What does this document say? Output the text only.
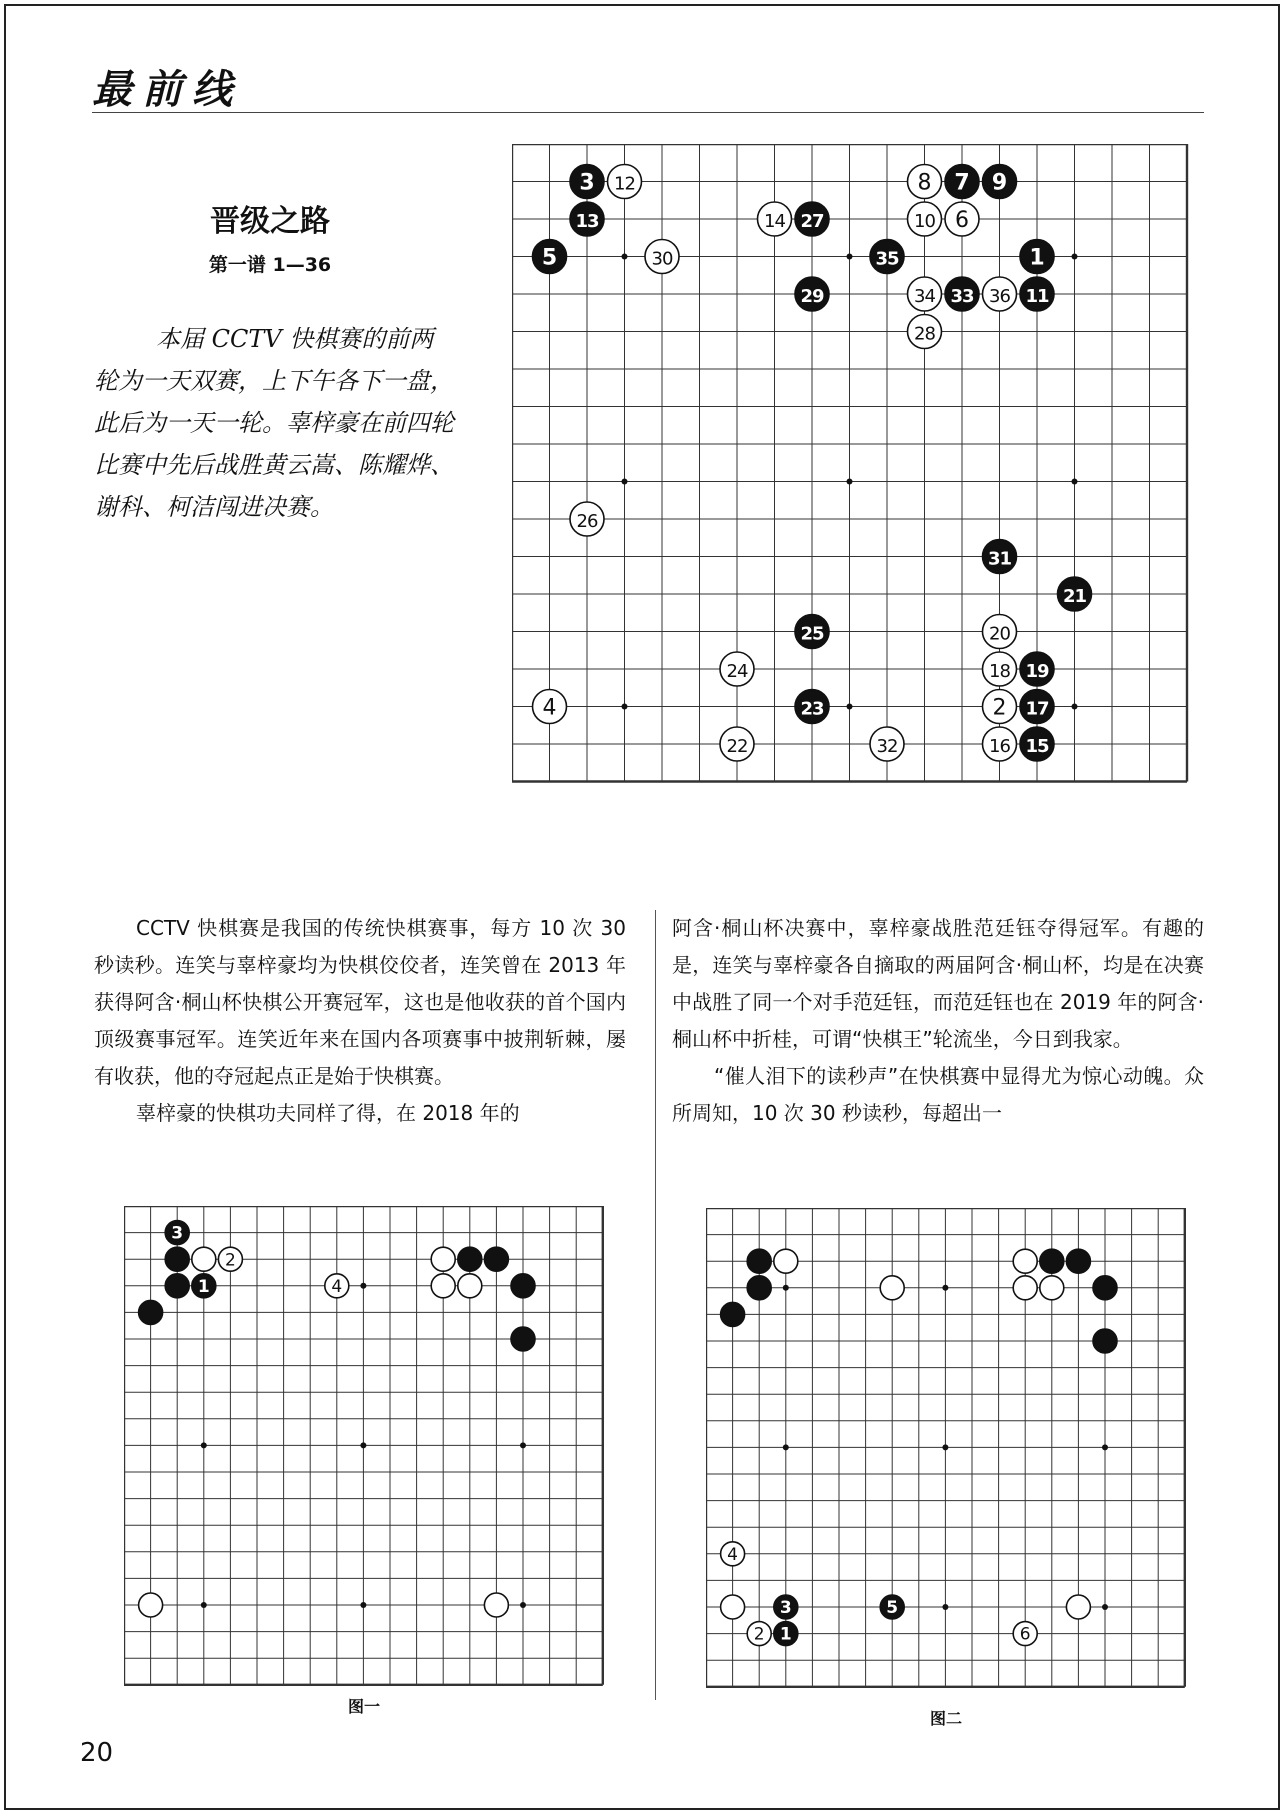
最前线
晋级之路
第一谱 1—36
本届 CCTV 快棋赛的前两 轮为一天双赛，上下午各下一盘，此后为一天一轮。辜梓豪在前四轮比赛中先后战胜黄云嵩、陈耀烨、谢科、柯洁闯进决赛。
1
2
3
4
5
6
7
8	9
10
11
12
13	14
15
16
17
18 19
20
21
22
23
24
25
26
27
28
29
30
31
32
33
34
35
36

CCTV 快棋赛是我国的传统快棋赛事，每方 10 次 30 秒读秒。连笑与辜梓豪均为快棋佼佼者，连笑曾在 2013 年获得阿含·桐山杯快棋公开赛冠军，这也是他收获的首个国内顶级赛事冠军。连笑近年来在国内各项赛事中披荆斩棘，屡有收获，他的夺冠起点正是始于快棋赛。

辜梓豪的快棋功夫同样了得，在 2018 年的

阿含·桐山杯决赛中，辜梓豪战胜范廷钰夺得冠军。有趣的是，连笑与辜梓豪各自摘取的两届阿含·桐山杯，均是在决赛中战胜了同一个对手范廷钰，而范廷钰也在 2019 年的阿含·桐山杯中折桂，可谓“快棋王”轮流坐，今日到我家。

“催人泪下的读秒声”在快棋赛中显得尤为惊心动魄。众所周知，10 次 30 秒读秒，每超出一

1
2
3
4
图一
1
2
3
4
5
6
图二
20
